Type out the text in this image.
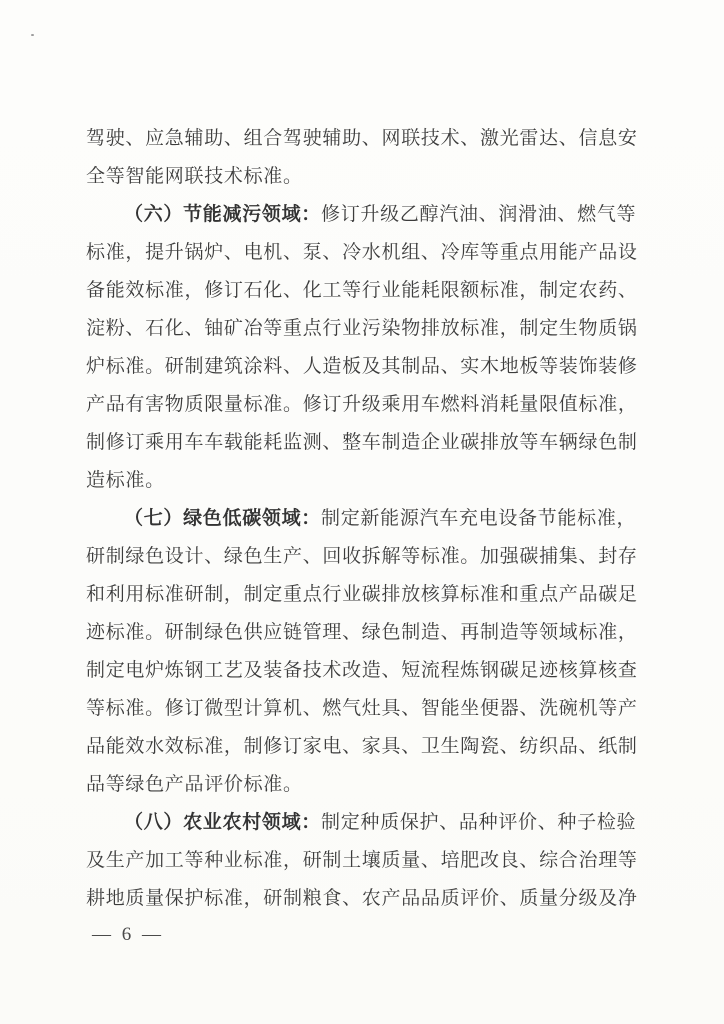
驾驶、应急辅助、组合驾驶辅助、网联技术、激光雷达、信息安
全等智能网联技术标准。
（六）节能减污领域：修订升级乙醇汽油、润滑油、燃气等
标准，提升锅炉、电机、泵、冷水机组、冷库等重点用能产品设
备能效标准，修订石化、化工等行业能耗限额标准，制定农药、
淀粉、石化、铀矿冶等重点行业污染物排放标准，制定生物质锅
炉标准。研制建筑涂料、人造板及其制品、实木地板等装饰装修
产品有害物质限量标准。修订升级乘用车燃料消耗量限值标准，
制修订乘用车车载能耗监测、整车制造企业碳排放等车辆绿色制
造标准。
（七）绿色低碳领域：制定新能源汽车充电设备节能标准，
研制绿色设计、绿色生产、回收拆解等标准。加强碳捕集、封存
和利用标准研制，制定重点行业碳排放核算标准和重点产品碳足
迹标准。研制绿色供应链管理、绿色制造、再制造等领域标准，
制定电炉炼钢工艺及装备技术改造、短流程炼钢碳足迹核算核查
等标准。修订微型计算机、燃气灶具、智能坐便器、洗碗机等产
品能效水效标准，制修订家电、家具、卫生陶瓷、纺织品、纸制
品等绿色产品评价标准。
（八）农业农村领域：制定种质保护、品种评价、种子检验
及生产加工等种业标准，研制土壤质量、培肥改良、综合治理等
耕地质量保护标准，研制粮食、农产品品质评价、质量分级及净
— 6 —
